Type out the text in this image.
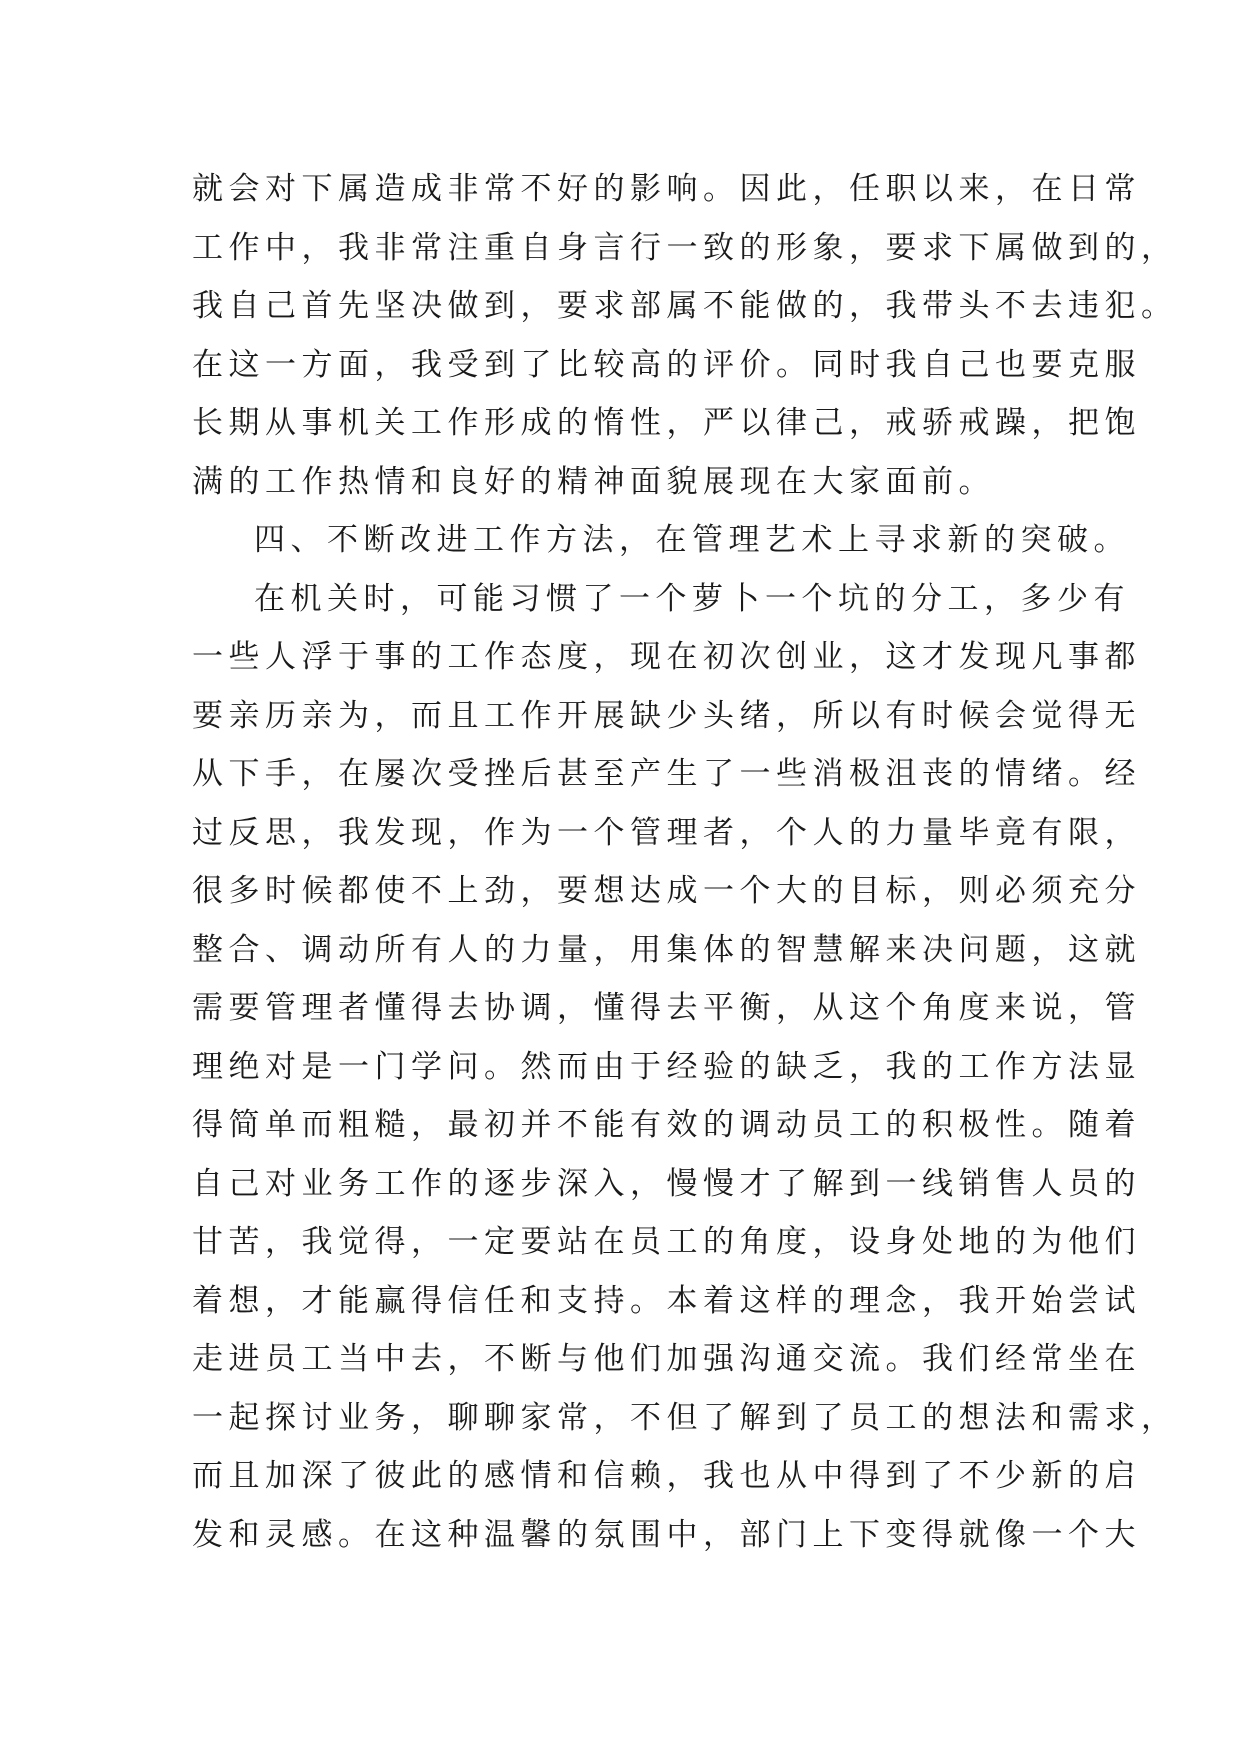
就会对下属造成非常不好的影响。因此，任职以来，在日常
工作中，我非常注重自身言行一致的形象，要求下属做到的，
我自己首先坚决做到，要求部属不能做的，我带头不去违犯。
在这一方面，我受到了比较高的评价。同时我自己也要克服
长期从事机关工作形成的惰性，严以律己，戒骄戒躁，把饱
满的工作热情和良好的精神面貌展现在大家面前。
四、不断改进工作方法，在管理艺术上寻求新的突破。
在机关时，可能习惯了一个萝卜一个坑的分工，多少有
一些人浮于事的工作态度，现在初次创业，这才发现凡事都
要亲历亲为，而且工作开展缺少头绪，所以有时候会觉得无
从下手，在屡次受挫后甚至产生了一些消极沮丧的情绪。经
过反思，我发现，作为一个管理者，个人的力量毕竟有限，
很多时候都使不上劲，要想达成一个大的目标，则必须充分
整合、调动所有人的力量，用集体的智慧解来决问题，这就
需要管理者懂得去协调，懂得去平衡，从这个角度来说，管
理绝对是一门学问。然而由于经验的缺乏，我的工作方法显
得简单而粗糙，最初并不能有效的调动员工的积极性。随着
自己对业务工作的逐步深入，慢慢才了解到一线销售人员的
甘苦，我觉得，一定要站在员工的角度，设身处地的为他们
着想，才能赢得信任和支持。本着这样的理念，我开始尝试
走进员工当中去，不断与他们加强沟通交流。我们经常坐在
一起探讨业务，聊聊家常，不但了解到了员工的想法和需求，
而且加深了彼此的感情和信赖，我也从中得到了不少新的启
发和灵感。在这种温馨的氛围中，部门上下变得就像一个大
